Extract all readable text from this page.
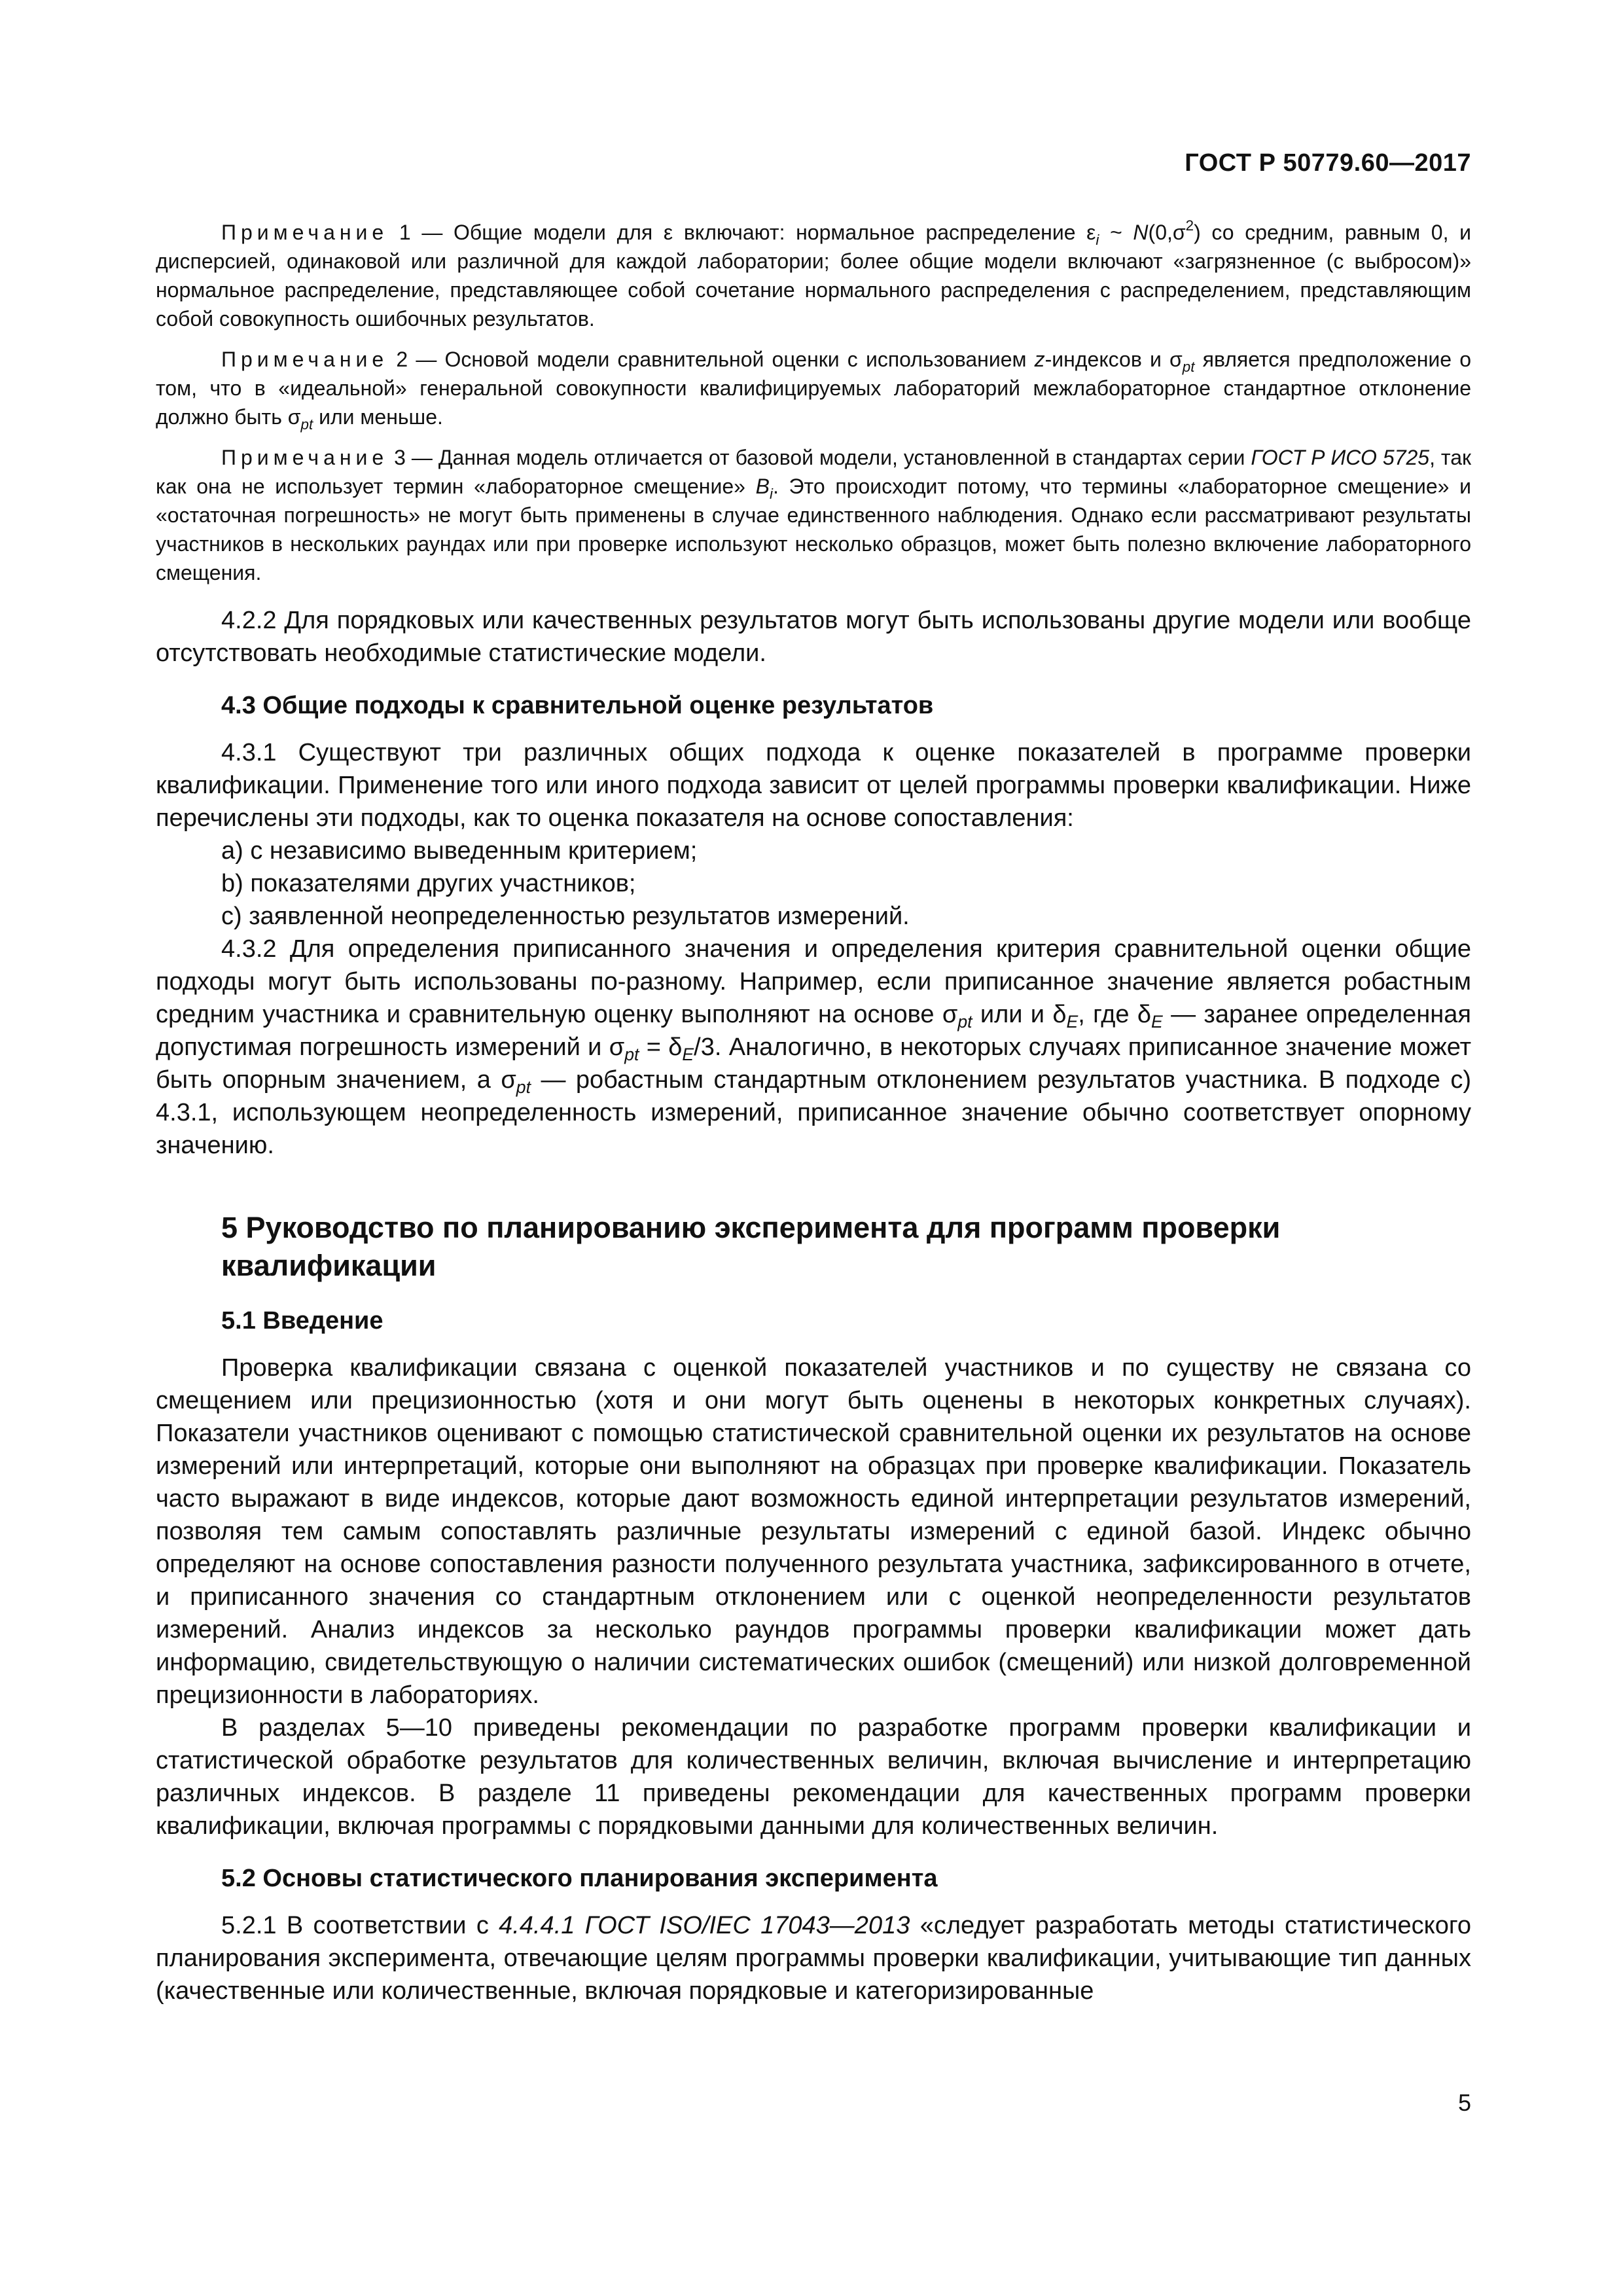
ГОСТ Р 50779.60—2017

Примечание 1 — Общие модели для ε включают: нормальное распределение $\varepsilon_i$ ~ $N(0,\sigma^2)$ со средним, равным 0, и дисперсией, одинаковой или различной для каждой лаборатории; более общие модели включают «загрязненное (с выбросом)» нормальное распределение, представляющее собой сочетание нормального распределения с распределением, представляющим собой совокупность ошибочных результатов.

Примечание 2 — Основой модели сравнительной оценки с использованием z-индексов и $\sigma_{pt}$ является предположение о том, что в «идеальной» генеральной совокупности квалифицируемых лабораторий межлабораторное стандартное отклонение должно быть $\sigma_{pt}$ или меньше.

Примечание 3 — Данная модель отличается от базовой модели, установленной в стандартах серии ГОСТ Р ИСО 5725, так как она не использует термин «лабораторное смещение» $B_i$. Это происходит потому, что термины «лабораторное смещение» и «остаточная погрешность» не могут быть применены в случае единственного наблюдения. Однако если рассматривают результаты участников в нескольких раундах или при проверке используют несколько образцов, может быть полезно включение лабораторного смещения.

4.2.2 Для порядковых или качественных результатов могут быть использованы другие модели или вообще отсутствовать необходимые статистические модели.

4.3 Общие подходы к сравнительной оценке результатов

4.3.1 Существуют три различных общих подхода к оценке показателей в программе проверки квалификации. Применение того или иного подхода зависит от целей программы проверки квалификации. Ниже перечислены эти подходы, как то оценка показателя на основе сопоставления:

a) с независимо выведенным критерием;

b) показателями других участников;

c) заявленной неопределенностью результатов измерений.

4.3.2 Для определения приписанного значения и определения критерия сравнительной оценки общие подходы могут быть использованы по-разному. Например, если приписанное значение является робастным средним участника и сравнительную оценку выполняют на основе $\sigma_{pt}$ или и $\delta_E$, где $\delta_E$ — заранее определенная допустимая погрешность измерений и $\sigma_{pt} = \delta_E/3$. Аналогично, в некоторых случаях приписанное значение может быть опорным значением, а $\sigma_{pt}$ — робастным стандартным отклонением результатов участника. В подходе c) 4.3.1, использующем неопределенность измерений, приписанное значение обычно соответствует опорному значению.

5 Руководство по планированию эксперимента для программ проверки квалификации
5.1 Введение

Проверка квалификации связана с оценкой показателей участников и по существу не связана со смещением или прецизионностью (хотя и они могут быть оценены в некоторых конкретных случаях). Показатели участников оценивают с помощью статистической сравнительной оценки их результатов на основе измерений или интерпретаций, которые они выполняют на образцах при проверке квалификации. Показатель часто выражают в виде индексов, которые дают возможность единой интерпретации результатов измерений, позволяя тем самым сопоставлять различные результаты измерений с единой базой. Индекс обычно определяют на основе сопоставления разности полученного результата участника, зафиксированного в отчете, и приписанного значения со стандартным отклонением или с оценкой неопределенности результатов измерений. Анализ индексов за несколько раундов программы проверки квалификации может дать информацию, свидетельствующую о наличии систематических ошибок (смещений) или низкой долговременной прецизионности в лабораториях.

В разделах 5—10 приведены рекомендации по разработке программ проверки квалификации и статистической обработке результатов для количественных величин, включая вычисление и интерпретацию различных индексов. В разделе 11 приведены рекомендации для качественных программ проверки квалификации, включая программы с порядковыми данными для количественных величин.

5.2 Основы статистического планирования эксперимента

5.2.1 В соответствии с 4.4.4.1 ГОСТ ISO/IEC 17043—2013 «следует разработать методы статистического планирования эксперимента, отвечающие целям программы проверки квалификации, учитывающие тип данных (качественные или количественные, включая порядковые и категоризированные

5
